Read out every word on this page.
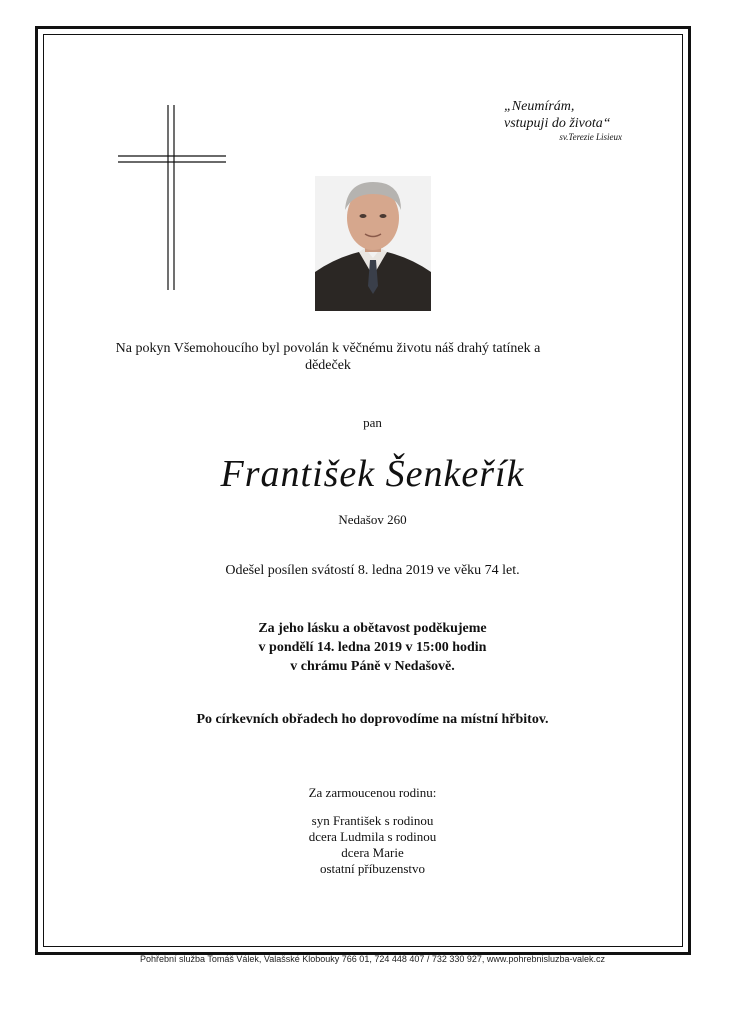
„Neumírám,
vstupuji do života“
sv.Terezie Lisieux
Na pokyn Všemohoucího byl povolán k věčnému životu náš drahý tatínek a dědeček
pan
František Šenkeřík
Nedašov 260
Odešel posílen svátostí 8. ledna 2019 ve věku 74 let.
Za jeho lásku a obětavost poděkujeme
v pondělí 14. ledna 2019 v 15:00 hodin
v chrámu Páně v Nedašově.
Po církevních obřadech ho doprovodíme na místní hřbitov.
Za zarmoucenou rodinu:
syn František s rodinou
dcera Ludmila s rodinou
dcera Marie
ostatní příbuzenstvo
Pohřební služba Tomáš Válek, Valašské Klobouky 766 01, 724 448 407 / 732 330 927, www.pohrebnisluzba-valek.cz
